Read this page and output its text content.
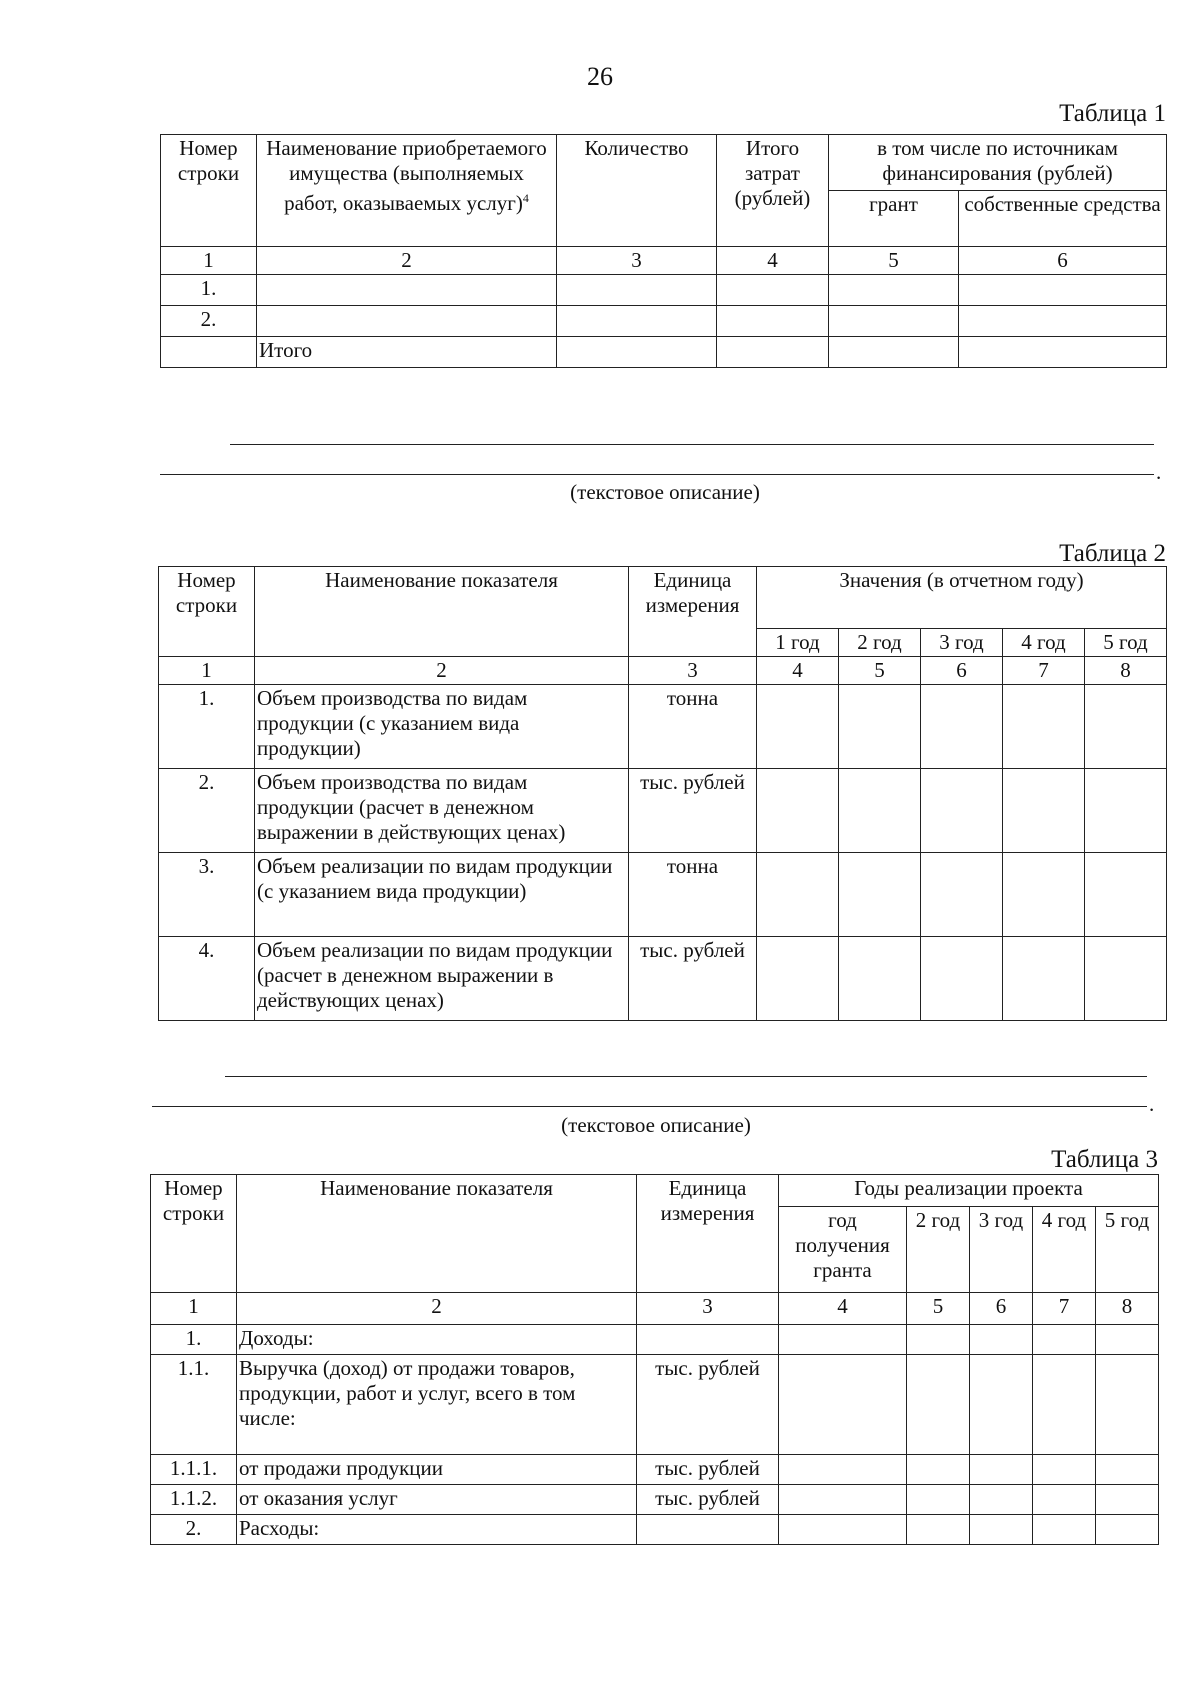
26
Таблица 1
Номер строки	Наименование приобретаемого имущества (выполняемых работ, оказываемых услуг)$^4$	Количество	Итого затрат (рублей)	в том числе по источникам финансирования (рублей)	
				грант	собственные средства
1	2	3	4	5	6
1.					
2.					
	Итого				
.
(текстовое описание)
Таблица 2
Номер строки	Наименование показателя	Единица измерения	Значения (в отчетном году)				
			1 год	2 год	3 год	4 год	5 год
1	2	3	4	5	6	7	8
1.	Объем производства по видам продукции (с указанием вида продукции)	тонна					
2.	Объем производства по видам продукции (расчет в денежном выражении в действующих ценах)	тыс. рублей					
3.	Объем реализации по видам продукции (с указанием вида продукции)	тонна					
4.	Объем реализации по видам продукции (расчет в денежном выражении в действующих ценах)	тыс. рублей					
.
(текстовое описание)
Таблица 3
Номер строки	Наименование показателя	Единица измерения	Годы реализации проекта				
			год получения гранта	2 год	3 год	4 год	5 год
1	2	3	4	5	6	7	8
1.	Доходы:						
1.1.	Выручка (доход) от продажи товаров, продукции, работ и услуг, всего в том числе:	тыс. рублей					
1.1.1.	от продажи продукции	тыс. рублей					
1.1.2.	от оказания услуг	тыс. рублей					
2.	Расходы:						
